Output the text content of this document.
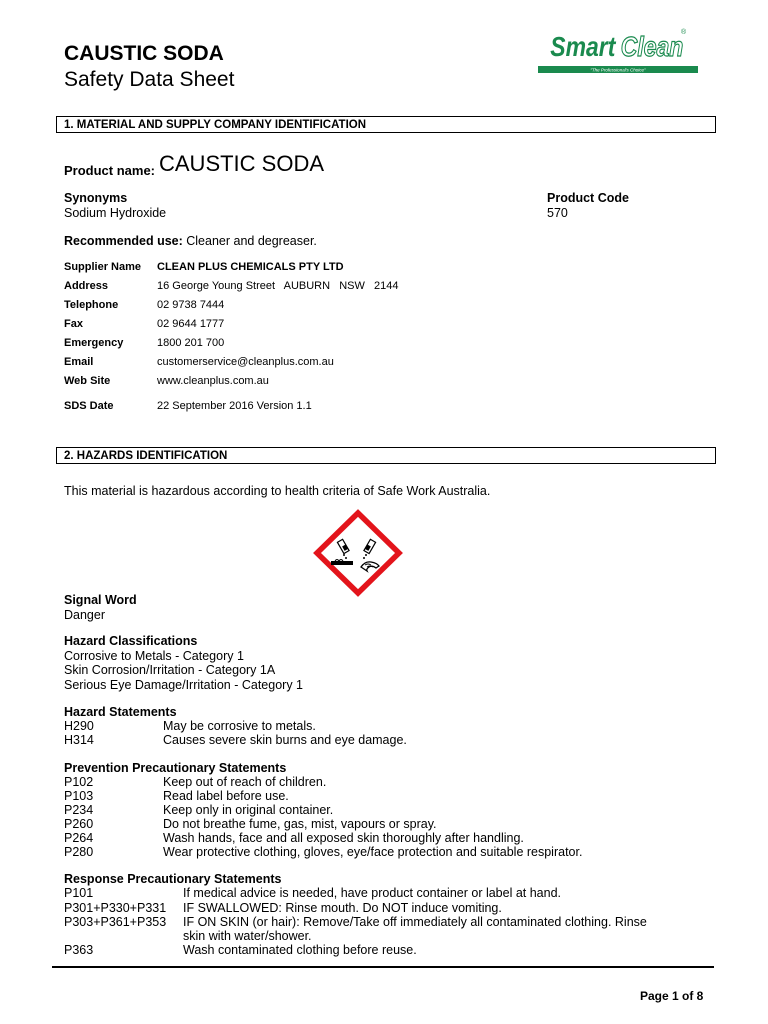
CAUSTIC SODA
Safety Data Sheet
Smart Clean
®
"The Professional's Choice"
1. MATERIAL AND SUPPLY COMPANY IDENTIFICATION
Product name: CAUSTIC SODA
Synonyms
Sodium Hydroxide
Product Code
570
Recommended use: Cleaner and degreaser.
Supplier Name CLEAN PLUS CHEMICALS PTY LTD
Address	16 George Young Street   AUBURN   NSW   2144
Telephone	02 9738 7444
Fax	02 9644 1777
Emergency	1800 201 700
Email	customerservice@cleanplus.com.au
Web Site	www.cleanplus.com.au
SDS Date	22 September 2016 Version 1.1
2. HAZARDS IDENTIFICATION
This material is hazardous according to health criteria of Safe Work Australia.
Signal Word
Danger
Hazard Classifications
Corrosive to Metals - Category 1
Skin Corrosion/Irritation - Category 1A
Serious Eye Damage/Irritation - Category 1
Hazard Statements
H290	May be corrosive to metals.
H314	Causes severe skin burns and eye damage.
Prevention Precautionary Statements
P102	Keep out of reach of children.
P103	Read label before use.
P234	Keep only in original container.
P260	Do not breathe fume, gas, mist, vapours or spray.
P264	Wash hands, face and all exposed skin thoroughly after handling.
P280	Wear protective clothing, gloves, eye/face protection and suitable respirator.
Response Precautionary Statements
P101	If medical advice is needed, have product container or label at hand.
P301+P330+P331 IF SWALLOWED: Rinse mouth. Do NOT induce vomiting.
P303+P361+P353 IF ON SKIN (or hair): Remove/Take off immediately all contaminated clothing. Rinse
skin with water/shower.
P363	Wash contaminated clothing before reuse.
Page 1 of 8
